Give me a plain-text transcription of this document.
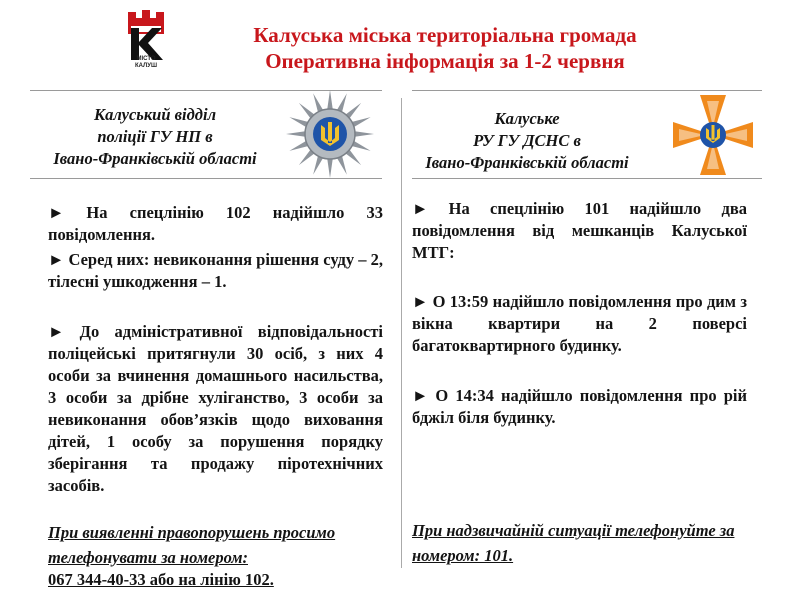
МІСТО КАЛУШ
Калуська міська територіальна громада
Оперативна інформація за 1-2 червня
Калуський відділ
поліції ГУ НП в
Івано-Франківській області
Калуське
РУ ГУ ДСНС в
Івано-Франківській області
► На спецлінію 102 надійшло 33 повідомлення.
► Серед них: невиконання рішення суду – 2, тілесні ушкодження – 1.
► До адміністративної відповідальності поліцейські притягнули 30 осіб, з них 4 особи за вчинення домашнього насильства, 3 особи за дрібне хуліганство, 3 особи за невиконання обов’язків щодо виховання дітей, 1 особу за порушення порядку зберігання та продажу піротехнічних засобів.
При виявленні правопорушень просимо телефонувати за номером:
067 344-40-33 або на лінію 102.
► На спецлінію 101 надійшло два повідомлення від мешканців Калуської МТГ:
► О 13:59 надійшло повідомлення про дим з вікна квартири на 2 поверсі багатоквартирного будинку.
► О 14:34 надійшло повідомлення про рій бджіл біля будинку.
При надзвичайній ситуації телефонуйте за номером: 101.
